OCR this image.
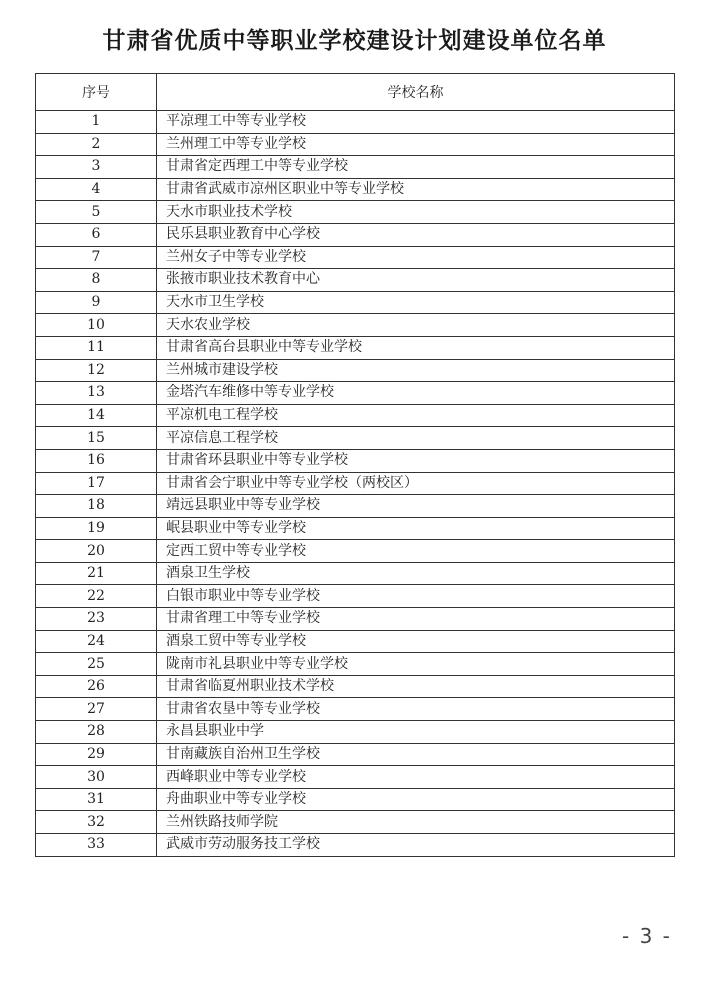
甘肃省优质中等职业学校建设计划建设单位名单
序号	学校名称
1	平凉理工中等专业学校
2	兰州理工中等专业学校
3	甘肃省定西理工中等专业学校
4	甘肃省武威市凉州区职业中等专业学校
5	天水市职业技术学校
6	民乐县职业教育中心学校
7	兰州女子中等专业学校
8	张掖市职业技术教育中心
9	天水市卫生学校
10	天水农业学校
11	甘肃省高台县职业中等专业学校
12	兰州城市建设学校
13	金塔汽车维修中等专业学校
14	平凉机电工程学校
15	平凉信息工程学校
16	甘肃省环县职业中等专业学校
17	甘肃省会宁职业中等专业学校（两校区）
18	靖远县职业中等专业学校
19	岷县职业中等专业学校
20	定西工贸中等专业学校
21	酒泉卫生学校
22	白银市职业中等专业学校
23	甘肃省理工中等专业学校
24	酒泉工贸中等专业学校
25	陇南市礼县职业中等专业学校
26	甘肃省临夏州职业技术学校
27	甘肃省农垦中等专业学校
28	永昌县职业中学
29	甘南藏族自治州卫生学校
30	西峰职业中等专业学校
31	舟曲职业中等专业学校
32	兰州铁路技师学院
33	武威市劳动服务技工学校
- 3 -
